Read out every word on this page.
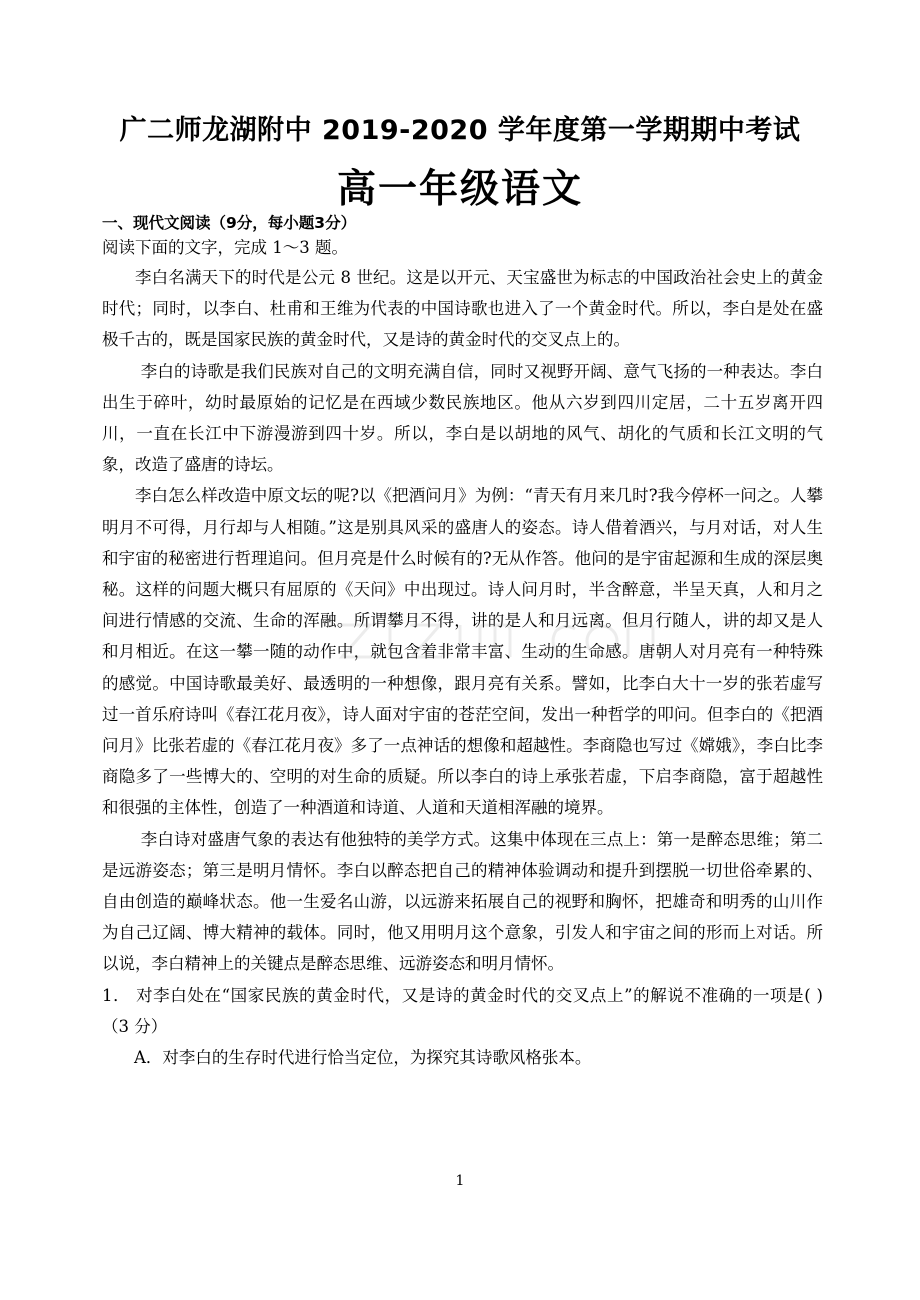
广二师龙湖附中 2019-2020 学年度第一学期期中考试
高一年级语文

一、现代文阅读（9分，每小题3分）

阅读下面的文字，完成 1～3 题。

李白名满天下的时代是公元 8 世纪。这是以开元、天宝盛世为标志的中国政治社会史上的黄金时代；同时，以李白、杜甫和王维为代表的中国诗歌也进入了一个黄金时代。所以，李白是处在盛极千古的，既是国家民族的黄金时代，又是诗的黄金时代的交叉点上的。

李白的诗歌是我们民族对自己的文明充满自信，同时又视野开阔、意气飞扬的一种表达。李白出生于碎叶，幼时最原始的记忆是在西域少数民族地区。他从六岁到四川定居，二十五岁离开四川，一直在长江中下游漫游到四十岁。所以，李白是以胡地的风气、胡化的气质和长江文明的气象，改造了盛唐的诗坛。

李白怎么样改造中原文坛的呢?以《把酒问月》为例：“青天有月来几时?我今停杯一问之。人攀明月不可得，月行却与人相随。”这是别具风采的盛唐人的姿态。诗人借着酒兴，与月对话，对人生和宇宙的秘密进行哲理追问。但月亮是什么时候有的?无从作答。他问的是宇宙起源和生成的深层奥秘。这样的问题大概只有屈原的《天问》中出现过。诗人问月时，半含醉意，半呈天真，人和月之间进行情感的交流、生命的浑融。所谓攀月不得，讲的是人和月远离。但月行随人，讲的却又是人和月相近。在这一攀一随的动作中，就包含着非常丰富、生动的生命感。唐朝人对月亮有一种特殊的感觉。中国诗歌最美好、最透明的一种想像，跟月亮有关系。譬如，比李白大十一岁的张若虚写过一首乐府诗叫《春江花月夜》，诗人面对宇宙的苍茫空间，发出一种哲学的叩问。但李白的《把酒问月》比张若虚的《春江花月夜》多了一点神话的想像和超越性。李商隐也写过《嫦娥》，李白比李商隐多了一些博大的、空明的对生命的质疑。所以李白的诗上承张若虚，下启李商隐，富于超越性和很强的主体性，创造了一种酒道和诗道、人道和天道相浑融的境界。

李白诗对盛唐气象的表达有他独特的美学方式。这集中体现在三点上：第一是醉态思维；第二是远游姿态；第三是明月情怀。李白以醉态把自己的精神体验调动和提升到摆脱一切世俗牵累的、自由创造的巅峰状态。他一生爱名山游，以远游来拓展自己的视野和胸怀，把雄奇和明秀的山川作为自己辽阔、博大精神的载体。同时，他又用明月这个意象，引发人和宇宙之间的形而上对话。所以说，李白精神上的关键点是醉态思维、远游姿态和明月情怀。

1． 对李白处在“国家民族的黄金时代，又是诗的黄金时代的交叉点上”的解说不准确的一项是( ) （3 分）

A．对李白的生存时代进行恰当定位，为探究其诗歌风格张本。

1
